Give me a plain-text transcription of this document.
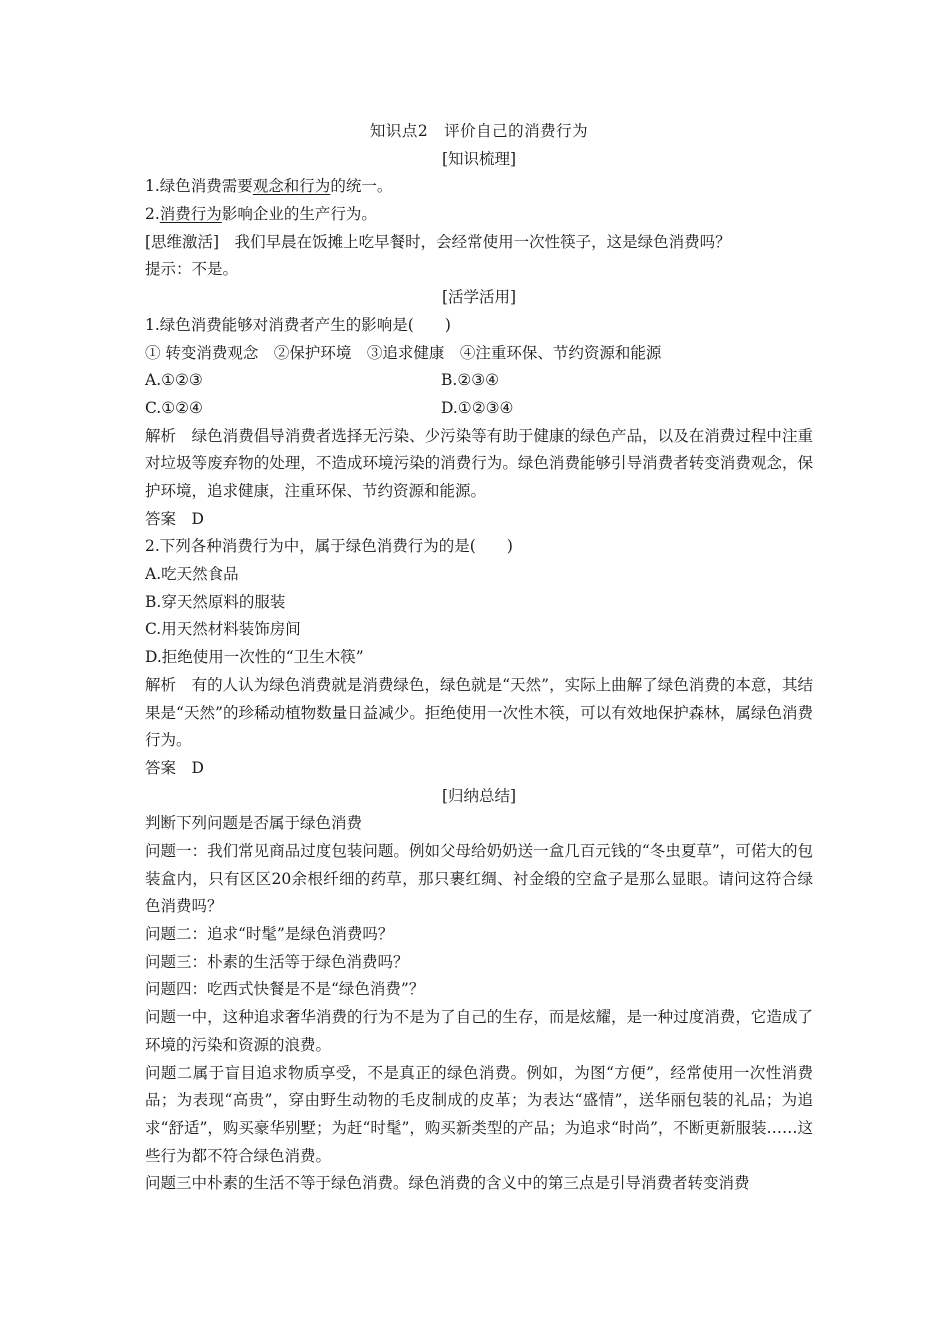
知识点2　评价自己的消费行为
[知识梳理]
1.绿色消费需要观念和行为的统一。
2.消费行为影响企业的生产行为。
[思维激活]　我们早晨在饭摊上吃早餐时，会经常使用一次性筷子，这是绿色消费吗？
提示：不是。
[活学活用]
1.绿色消费能够对消费者产生的影响是(　　)
① 转变消费观念　②保护环境　③追求健康　④注重环保、节约资源和能源
A.①②③	B.②③④
C.①②④	D.①②③④
解析　绿色消费倡导消费者选择无污染、少污染等有助于健康的绿色产品，以及在消费过程中注重对垃圾等废弃物的处理，不造成环境污染的消费行为。绿色消费能够引导消费者转变消费观念，保护环境，追求健康，注重环保、节约资源和能源。
答案　D
2.下列各种消费行为中，属于绿色消费行为的是(　　)
A.吃天然食品
B.穿天然原料的服装
C.用天然材料装饰房间
D.拒绝使用一次性的“卫生木筷”
解析　有的人认为绿色消费就是消费绿色，绿色就是“天然”，实际上曲解了绿色消费的本意，其结果是“天然”的珍稀动植物数量日益减少。拒绝使用一次性木筷，可以有效地保护森林，属绿色消费行为。
答案　D
[归纳总结]
判断下列问题是否属于绿色消费
问题一：我们常见商品过度包装问题。例如父母给奶奶送一盒几百元钱的“冬虫夏草”，可偌大的包装盒内，只有区区20余根纤细的药草，那只裹红绸、衬金缎的空盒子是那么显眼。请问这符合绿色消费吗？
问题二：追求“时髦”是绿色消费吗？
问题三：朴素的生活等于绿色消费吗？
问题四：吃西式快餐是不是“绿色消费”？
问题一中，这种追求奢华消费的行为不是为了自己的生存，而是炫耀，是一种过度消费，它造成了环境的污染和资源的浪费。
问题二属于盲目追求物质享受，不是真正的绿色消费。例如，为图“方便”，经常使用一次性消费品；为表现“高贵”，穿由野生动物的毛皮制成的皮革；为表达“盛情”，送华丽包装的礼品；为追求“舒适”，购买豪华别墅；为赶“时髦”，购买新类型的产品；为追求“时尚”，不断更新服装……这些行为都不符合绿色消费。
问题三中朴素的生活不等于绿色消费。绿色消费的含义中的第三点是引导消费者转变消费
